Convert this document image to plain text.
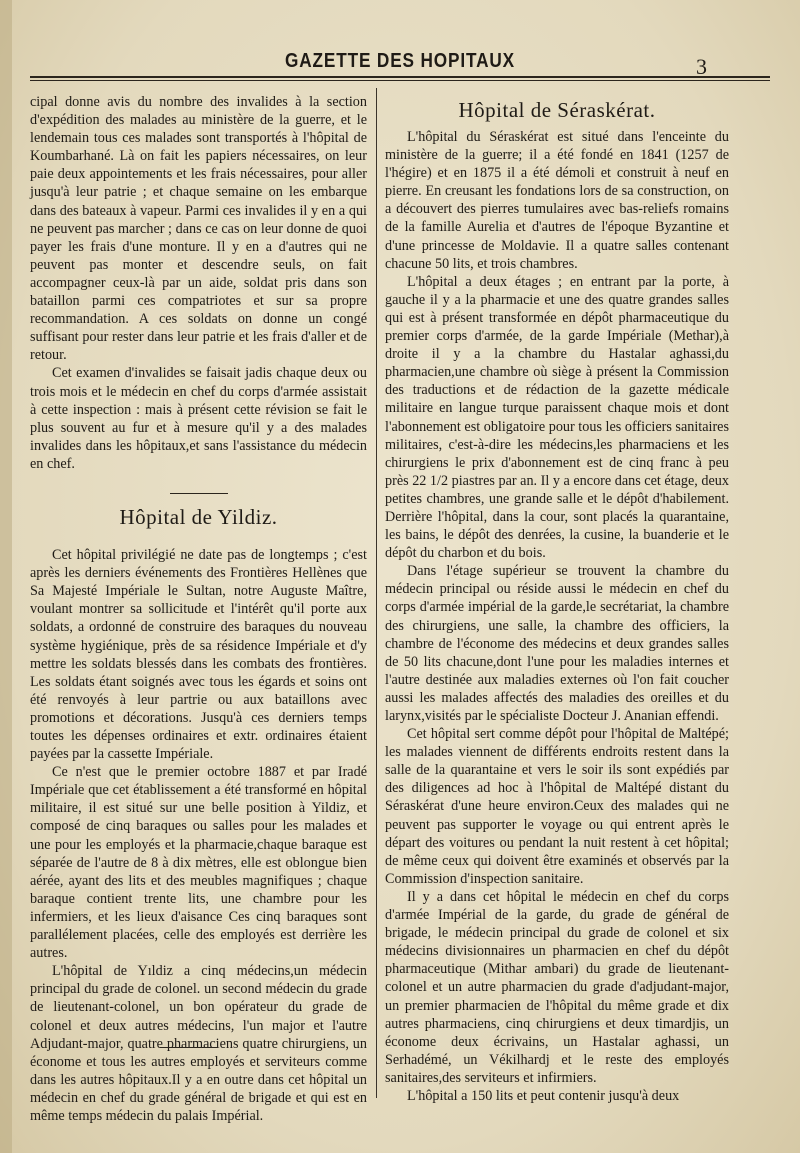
GAZETTE DES HOPITAUX	3

cipal donne avis du nombre des invalides à la section d'expédition des malades au ministère de la guerre, et le lendemain tous ces malades sont transportés à l'hôpital de Koumbarhané. Là on fait les papiers nécessaires, on leur paie deux appointements et les frais nécessaires, pour aller jusqu'à leur patrie ; et chaque semaine on les embarque dans des bateaux à vapeur. Parmi ces invalides il y en a qui ne peuvent pas marcher ; dans ce cas on leur donne de quoi payer les frais d'une monture. Il y en a d'autres qui ne peuvent pas monter et descendre seuls, on fait accompagner ceux-là par un aide, soldat pris dans son bataillon parmi ces compatriotes et sur sa propre recommandation. A ces soldats on donne un congé suffisant pour rester dans leur patrie et les frais d'aller et de retour.

Cet examen d'invalides se faisait jadis chaque deux ou trois mois et le médecin en chef du corps d'armée assistait à cette inspection : mais à présent cette révision se fait le plus souvent au fur et à mesure qu'il y a des malades invalides dans les hôpitaux,et sans l'assistance du médecin en chef.

Hôpital de Yildiz.

Cet hôpital privilégié ne date pas de longtemps ; c'est après les derniers événements des Frontières Hellènes que Sa Majesté Impériale le Sultan, notre Auguste Maître, voulant montrer sa sollicitude et l'intérêt qu'il porte aux soldats, a ordonné de construire des baraques du nouveau système hygiénique, près de sa résidence Impériale et d'y mettre les soldats blessés dans les combats des frontières. Les soldats étant soignés avec tous les égards et soins ont été renvoyés à leur partrie ou aux bataillons avec promotions et décorations. Jusqu'à ces derniers temps toutes les dépenses ordinaires et extr. ordinaires étaient payées par la cassette Impériale.

Ce n'est que le premier octobre 1887 et par Iradé Impériale que cet établissement a été transformé en hôpital militaire, il est situé sur une belle position à Yildiz, et composé de cinq baraques ou salles pour les malades et une pour les employés et la pharmacie,chaque baraque est séparée de l'autre de 8 à dix mètres, elle est oblongue bien aérée, ayant des lits et des meubles magnifiques ; chaque baraque contient trente lits, une chambre pour les infermiers, et les lieux d'aisance Ces cinq baraques sont parallélement placées, celle des employés est derrière les autres.

L'hôpital de Yıldiz a cinq médecins,un médecin principal du grade de colonel. un second médecin du grade de lieutenant-colonel, un bon opérateur du grade de colonel et deux autres médecins, l'un major et l'autre Adjudant-major, quatre pharmaciens quatre chirurgiens, un économe et tous les autres employés et serviteurs comme dans les autres hôpitaux.Il y a en outre dans cet hôpital un médecin en chef du grade général de brigade et qui est en même temps médecin du palais Impérial.

Hôpital de Séraskérat.

L'hôpital du Séraskérat est situé dans l'enceinte du ministère de la guerre; il a été fondé en 1841 (1257 de l'hégire) et en 1875 il a été démoli et construit à neuf en pierre. En creusant les fondations lors de sa construction, on a découvert des pierres tumulaires avec bas-reliefs romains de la famille Aurelia et d'autres de l'époque Byzantine et d'une princesse de Moldavie. Il a quatre salles contenant chacune 50 lits, et trois chambres.

L'hôpital a deux étages ; en entrant par la porte, à gauche il y a la pharmacie et une des quatre grandes salles qui est à présent transformée en dépôt pharmaceutique du premier corps d'armée, de la garde Impériale (Methar),à droite il y a la chambre du Hastalar aghassi,du pharmacien,une chambre où siège à présent la Commission des traductions et de rédaction de la gazette médicale militaire en langue turque paraissent chaque mois et dont l'abonnement est obligatoire pour tous les officiers sanitaires militaires, c'est-à-dire les médecins,les pharmaciens et les chirurgiens le prix d'abonnement est de cinq franc à peu près 22 1/2 piastres par an. Il y a encore dans cet étage, deux petites chambres, une grande salle et le dépôt d'habilement. Derrière l'hôpital, dans la cour, sont placés la quarantaine, les bains, le dépôt des denrées, la cusine, la buanderie et le dépôt du charbon et du bois.

Dans l'étage supérieur se trouvent la chambre du médecin principal ou réside aussi le médecin en chef du corps d'armée impérial de la garde,le secrétariat, la chambre des chirurgiens, une salle, la chambre des officiers, la chambre de l'économe des médecins et deux grandes salles de 50 lits chacune,dont l'une pour les maladies internes et l'autre destinée aux maladies externes où l'on fait coucher aussi les malades affectés des maladies des oreilles et du larynx,visités par le spécialiste Docteur J. Ananian effendi.

Cet hôpital sert comme dépôt pour l'hôpital de Maltépé; les malades viennent de différents endroits restent dans la salle de la quarantaine et vers le soir ils sont expédiés par des diligences ad hoc à l'hôpital de Maltépé distant du Séraskérat d'une heure environ.Ceux des malades qui ne peuvent pas supporter le voyage ou qui entrent après le départ des voitures ou pendant la nuit restent à cet hôpital; de même ceux qui doivent être examinés et observés par la Commission d'inspection sanitaire.

Il y a dans cet hôpital le médecin en chef du corps d'armée Impérial de la garde, du grade de général de brigade, le médecin principal du grade de colonel et six médecins divisionnaires un pharmacien en chef du dépôt pharmaceutique (Mithar ambari) du grade de lieutenant-colonel et un autre pharmacien du grade d'adjudant-major, un premier pharmacien de l'hôpital du même grade et dix autres pharmaciens, cinq chirurgiens et deux timardjis, un économe deux écrivains, un Hastalar aghassi, un Serhadémé, un Vékilhardj et le reste des employés sanitaires,des serviteurs et infirmiers.

L'hôpital a 150 lits et peut contenir jusqu'à deux
